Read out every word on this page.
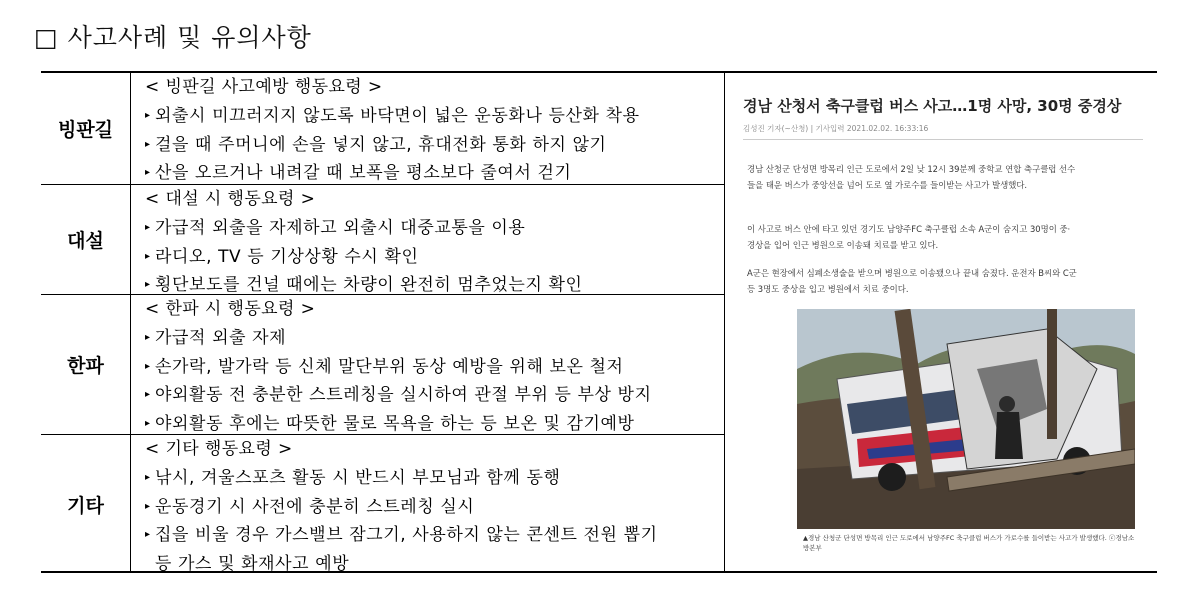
□ 사고사례 및 유의사항
빙판길
< 빙판길 사고예방 행동요령 >
▸ 외출시 미끄러지지 않도록 바닥면이 넓은 운동화나 등산화 착용
▸ 걸을 때 주머니에 손을 넣지 않고, 휴대전화 통화 하지 않기
▸ 산을 오르거나 내려갈 때 보폭을 평소보다 줄여서 걷기
대설
< 대설 시 행동요령 >
▸ 가급적 외출을 자제하고 외출시 대중교통을 이용
▸ 라디오, TV 등 기상상황 수시 확인
▸ 횡단보도를 건널 때에는 차량이 완전히 멈추었는지 확인
한파
< 한파 시 행동요령 >
▸ 가급적 외출 자제
▸ 손가락, 발가락 등 신체 말단부위 동상 예방을 위해 보온 철저
▸ 야외활동 전 충분한 스트레칭을 실시하여 관절 부위 등 부상 방지
▸ 야외활동 후에는 따뜻한 물로 목욕을 하는 등 보온 및 감기예방
기타
< 기타 행동요령 >
▸ 낚시, 겨울스포츠 활동 시 반드시 부모님과 함께 동행
▸ 운동경기 시 사전에 충분히 스트레칭 실시
▸ 집을 비울 경우 가스밸브 잠그기, 사용하지 않는 콘센트 전원 뽑기
등 가스 및 화재사고 예방
경남 산청서 축구클럽 버스 사고…1명 사망, 30명 중경상
김성진 기자(~산청) | 기사입력 2021.02.02. 16:33:16
경남 산청군 단성면 방목리 인근 도로에서 2일 낮 12시 39분께 중학교 연합 축구클럽 선수들을 태운 버스가 중앙선을 넘어 도로 옆 가로수를 들이받는 사고가 발생했다.
이 사고로 버스 안에 타고 있던 경기도 남양주FC 축구클럽 소속 A군이 숨지고 30명이 중·경상을 입어 인근 병원으로 이송돼 치료를 받고 있다.
A군은 현장에서 심폐소생술을 받으며 병원으로 이송됐으나 끝내 숨졌다. 운전자 B씨와 C군 등 3명도 중상을 입고 병원에서 치료 중이다.
▲경남 산청군 단성면 방목리 인근 도로에서 남양주FC 축구클럽 버스가 가로수를 들이받는 사고가 발생했다. ⓒ경남소방본부
